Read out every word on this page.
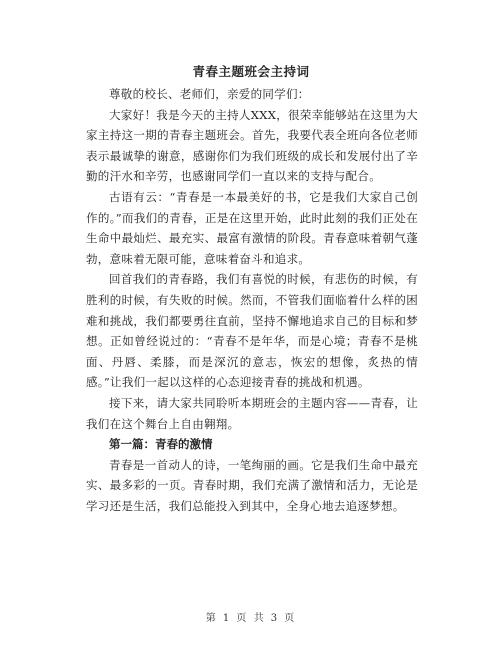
青春主题班会主持词

尊敬的校长、老师们，亲爱的同学们：

大家好！我是今天的主持人XXX，很荣幸能够站在这里为大家主持这一期的青春主题班会。首先，我要代表全班向各位老师表示最诚挚的谢意，感谢你们为我们班级的成长和发展付出了辛勤的汗水和辛劳，也感谢同学们一直以来的支持与配合。

古语有云：“青春是一本最美好的书，它是我们大家自己创作的。”而我们的青春，正是在这里开始，此时此刻的我们正处在生命中最灿烂、最充实、最富有激情的阶段。青春意味着朝气蓬勃，意味着无限可能，意味着奋斗和追求。

回首我们的青春路，我们有喜悦的时候，有悲伤的时候，有胜利的时候，有失败的时候。然而，不管我们面临着什么样的困难和挑战，我们都要勇往直前，坚持不懈地追求自己的目标和梦想。正如曾经说过的：“青春不是年华，而是心境；青春不是桃面、丹唇、柔膝，而是深沉的意志，恢宏的想像，炙热的情感。”让我们一起以这样的心态迎接青春的挑战和机遇。

接下来，请大家共同聆听本期班会的主题内容——青春，让我们在这个舞台上自由翱翔。

第一篇：青春的激情

青春是一首动人的诗，一笔绚丽的画。它是我们生命中最充实、最多彩的一页。青春时期，我们充满了激情和活力，无论是学习还是生活，我们总能投入到其中，全身心地去追逐梦想。

第 1 页 共 3 页
